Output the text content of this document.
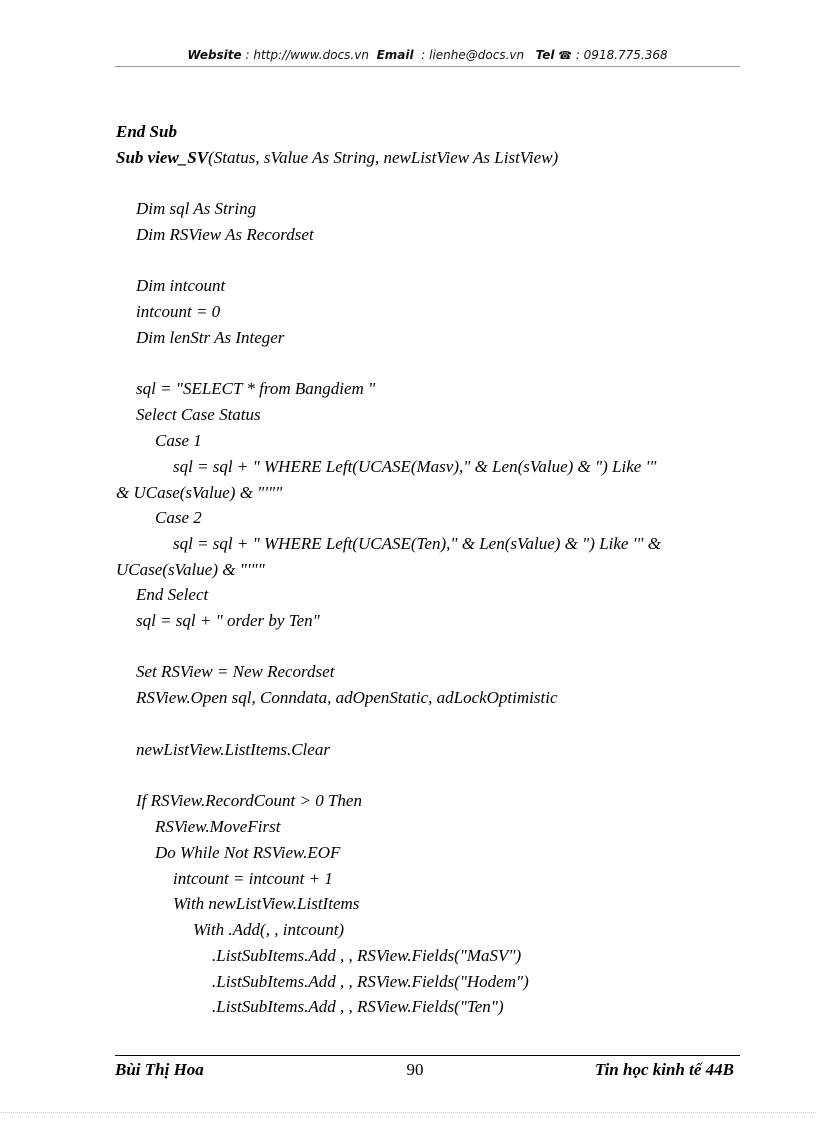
Website : http://www.docs.vn Email : lienhe@docs.vn Tel ☎ : 0918.775.368
End Sub
Sub view_SV(Status, sValue As String, newListView As ListView)
Dim sql As String
Dim RSView As Recordset
Dim intcount
intcount = 0
Dim lenStr As Integer
sql = "SELECT * from Bangdiem "
Select Case Status
Case 1
sql = sql + " WHERE Left(UCASE(Masv)," & Len(sValue) & ") Like '"
& UCase(sValue) & "'""
Case 2
sql = sql + " WHERE Left(UCASE(Ten)," & Len(sValue) & ") Like '" &
UCase(sValue) & "'""
End Select
sql = sql + " order by Ten"
Set RSView = New Recordset
RSView.Open sql, Conndata, adOpenStatic, adLockOptimistic
newListView.ListItems.Clear
If RSView.RecordCount > 0 Then
RSView.MoveFirst
Do While Not RSView.EOF
intcount = intcount + 1
With newListView.ListItems
With .Add(, , intcount)
.ListSubItems.Add , , RSView.Fields("MaSV")
.ListSubItems.Add , , RSView.Fields("Hodem")
.ListSubItems.Add , , RSView.Fields("Ten")
Bùi Thị Hoa	90	Tin học kinh tế 44B
